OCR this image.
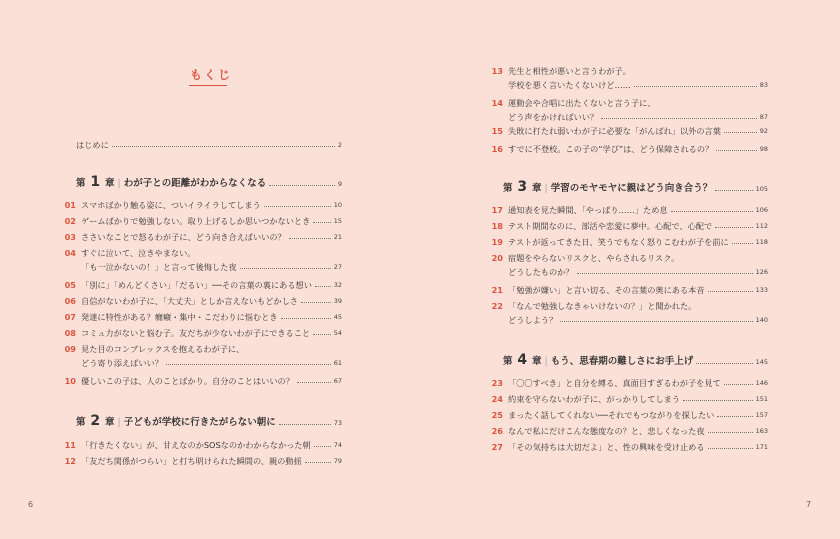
もくじ
はじめに	2
第 1 章 | わが子との距離がわからなくなる	9
01 スマホばかり触る姿に、ついイライラしてしまう	10
02 ゲームばかりで勉強しない。取り上げるしか思いつかないとき	15
03 ささいなことで怒るわが子に、どう向き合えばいいの？	21
04 すぐに泣いて、泣きやまない。
「も一泣かないの！」と言って後悔した夜	27
05 「別に」「めんどくさい」「だるい」──その言葉の裏にある想い	32
06 自信がないわが子に、「大丈夫」としか言えないもどかしさ	39
07 発達に特性がある？癇癪・集中・こだわりに悩むとき	45
08 コミュ力がないと悩む子。友だちが少ないわが子にできること	54
09 見た目のコンプレックスを抱えるわが子に、
どう寄り添えばいい？	61
10 優しいこの子は、人のことばかり。自分のことはいいの？	67
第 2 章 | 子どもが学校に行きたがらない朝に	73
11 「行きたくない」が、甘えなのかSOSなのかわからなかった朝	74
12 「友だち関係がつらい」と打ち明けられた瞬間の、親の動揺	79
13 先生と相性が悪いと言うわが子。
学校を悪く言いたくないけど……	83
14 運動会や合唱に出たくないと言う子に、
どう声をかければいい？	87
15 失敗に打たれ弱いわが子に必要な「がんばれ」以外の言葉	92
16 すでに不登校。この子の“学び”は、どう保障されるの？	98
第 3 章 | 学習のモヤモヤに親はどう向き合う？	105
17 通知表を見た瞬間、「やっぱり……」ため息	106
18 テスト期間なのに、部活や恋愛に夢中。心配で、心配で	112
19 テストが返ってきた日、笑うでもなく怒りこむわが子を前に	118
20 宿題をやらないリスクと、やらされるリスク。
どうしたものか？	126
21 「勉強が嫌い」と言い切る、その言葉の奥にある本音	133
22 「なんで勉強しなきゃいけないの？」と聞かれた。
どうしよう？	140
第 4 章 | もう、思春期の難しさにお手上げ	145
23 「〇〇すべき」と自分を縛る、真面目すぎるわが子を見て	146
24 約束を守らないわが子に、がっかりしてしまう	151
25 まったく話してくれない──それでもつながりを探したい	157
26 なんで私にだけこんな態度なの？と、悲しくなった夜	163
27 「その気持ちは大切だよ」と、性の興味を受け止める	171
6	7
